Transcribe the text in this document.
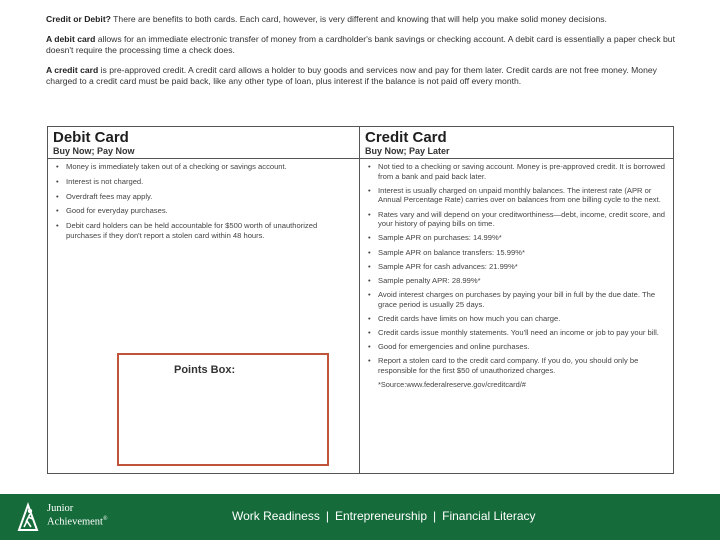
Credit or Debit? There are benefits to both cards. Each card, however, is very different and knowing that will help you make solid money decisions.

A debit card allows for an immediate electronic transfer of money from a cardholder's bank savings or checking account. A debit card is essentially a paper check but doesn't require the processing time a check does.

A credit card is pre-approved credit. A credit card allows a holder to buy goods and services now and pay for them later. Credit cards are not free money. Money charged to a credit card must be paid back, like any other type of loan, plus interest if the balance is not paid off every month.

Debit Card
Buy Now; Pay Now
• Money is immediately taken out of a checking or savings account.
• Interest is not charged.
• Overdraft fees may apply.
• Good for everyday purchases.
• Debit card holders can be held accountable for $500 worth of unauthorized purchases if they don't report a stolen card within 48 hours.
Credit Card
Buy Now; Pay Later
• Not tied to a checking or saving account. Money is pre-approved credit. It is borrowed from a bank and paid back later.
• Interest is usually charged on unpaid monthly balances. The interest rate (APR or Annual Percentage Rate) carries over on balances from one billing cycle to the next.
• Rates vary and will depend on your creditworthiness—debt, income, credit score, and your history of paying bills on time.
• Sample APR on purchases: 14.99%*
• Sample APR on balance transfers: 15.99%*
• Sample APR for cash advances: 21.99%*
• Sample penalty APR: 28.99%*
• Avoid interest charges on purchases by paying your bill in full by the due date. The grace period is usually 25 days.
• Credit cards have limits on how much you can charge.
• Credit cards issue monthly statements. You'll need an income or job to pay your bill.
• Good for emergencies and online purchases.
• Report a stolen card to the credit card company. If you do, you should only be responsible for the first $50 of unauthorized charges.
*Source:www.federalreserve.gov/creditcard/#
Points Box:
Junior
Achievement®	Work Readiness | Entrepreneurship | Financial Literacy
